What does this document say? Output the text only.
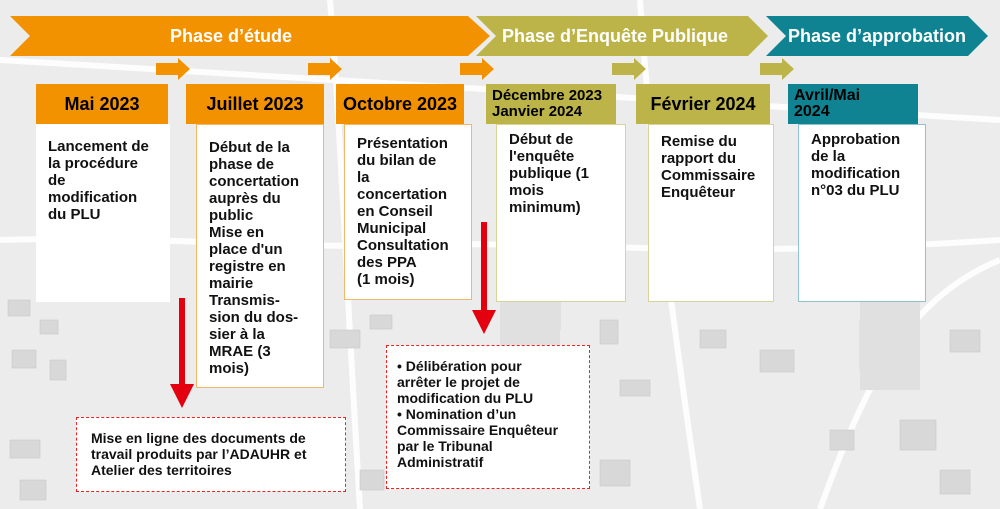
Phase d’étude	Phase d’Enquête Publique	Phase d’approbation
Mai 2023	Juillet 2023 Octobre 2023 Décembre 2023
Janvier 2024	Février 2024 Avril/Mai
2024
Lancement de
la procédure
de
modification
du PLU
Début de la
phase de
concertation
auprès du
public
Mise en
place d'un
registre en
mairie
Transmis-
sion du dos-
sier à la
MRAE (3
mois)
Présentation
du bilan de
la
concertation
en Conseil
Municipal
Consultation
des PPA
(1 mois)
Début de
l'enquête
publique (1
mois
minimum)
Remise du
rapport du
Commissaire
Enquêteur
Approbation
de la
modification
n°03 du PLU
Mise en ligne des documents de
travail produits par l’ADAUHR et
Atelier des territoires
• Délibération pour
arrêter le projet de
modification du PLU
• Nomination d’un
Commissaire Enquêteur
par le Tribunal
Administratif
